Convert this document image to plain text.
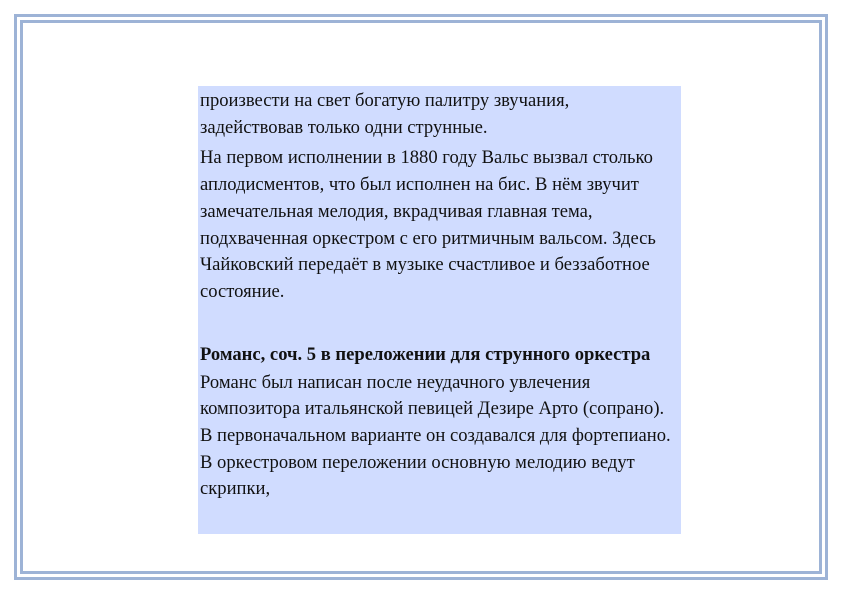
произвести на свет богатую палитру звучания, задействовав только одни струнные.

На первом исполнении в 1880 году Вальс вызвал столько аплодисментов, что был исполнен на бис. В нём звучит замечательная мелодия, вкрадчивая главная тема, подхваченная оркестром с его ритмичным вальсом. Здесь Чайковский передаёт в музыке счастливое и беззаботное состояние.

Романс, соч. 5 в переложении для струнного оркестра

Романс был написан после неудачного увлечения композитора итальянской певицей Дезире Арто (сопрано). В первоначальном варианте он создавался для фортепиано. В оркестровом переложении основную мелодию ведут скрипки,
